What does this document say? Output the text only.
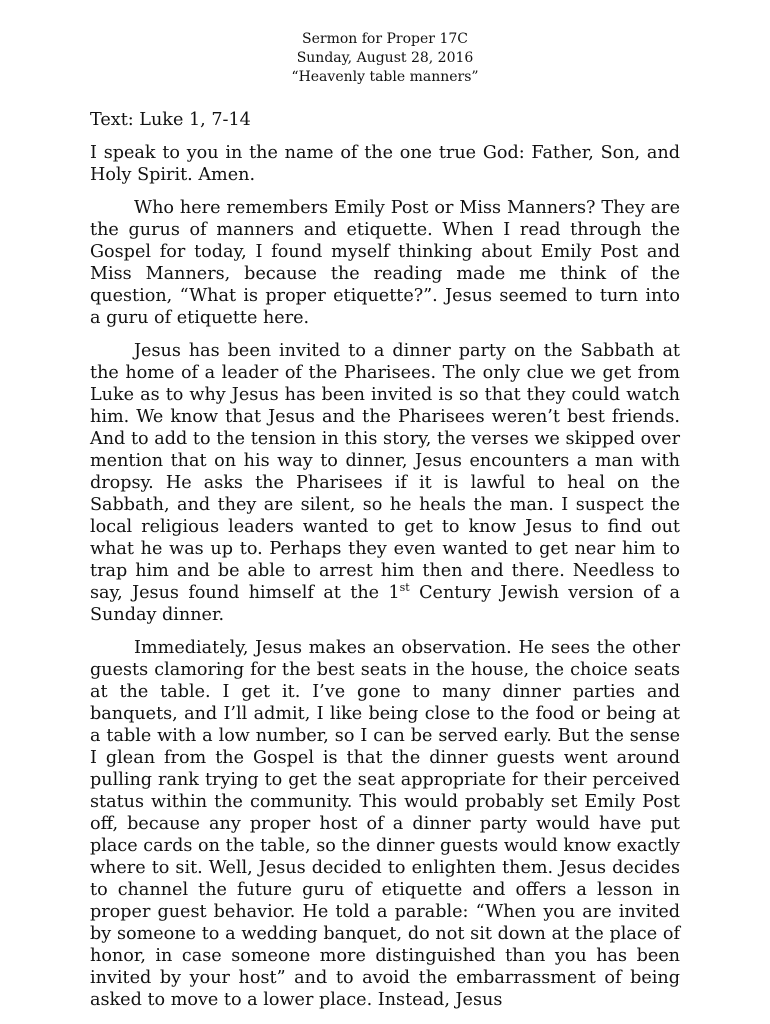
Sermon for Proper 17C
Sunday, August 28, 2016
“Heavenly table manners”
Text: Luke 1, 7-14
I speak to you in the name of the one true God: Father, Son, and Holy Spirit. Amen.
Who here remembers Emily Post or Miss Manners? They are the gurus of manners and etiquette. When I read through the Gospel for today, I found myself thinking about Emily Post and Miss Manners, because the reading made me think of the question, “What is proper etiquette?”. Jesus seemed to turn into a guru of etiquette here.
Jesus has been invited to a dinner party on the Sabbath at the home of a leader of the Pharisees. The only clue we get from Luke as to why Jesus has been invited is so that they could watch him. We know that Jesus and the Pharisees weren’t best friends. And to add to the tension in this story, the verses we skipped over mention that on his way to dinner, Jesus encounters a man with dropsy. He asks the Pharisees if it is lawful to heal on the Sabbath, and they are silent, so he heals the man. I suspect the local religious leaders wanted to get to know Jesus to find out what he was up to. Perhaps they even wanted to get near him to trap him and be able to arrest him then and there. Needless to say, Jesus found himself at the 1st Century Jewish version of a Sunday dinner.
Immediately, Jesus makes an observation. He sees the other guests clamoring for the best seats in the house, the choice seats at the table. I get it. I’ve gone to many dinner parties and banquets, and I’ll admit, I like being close to the food or being at a table with a low number, so I can be served early. But the sense I glean from the Gospel is that the dinner guests went around pulling rank trying to get the seat appropriate for their perceived status within the community. This would probably set Emily Post off, because any proper host of a dinner party would have put place cards on the table, so the dinner guests would know exactly where to sit. Well, Jesus decided to enlighten them. Jesus decides to channel the future guru of etiquette and offers a lesson in proper guest behavior. He told a parable: “When you are invited by someone to a wedding banquet, do not sit down at the place of honor, in case someone more distinguished than you has been invited by your host” and to avoid the embarrassment of being asked to move to a lower place. Instead, Jesus
